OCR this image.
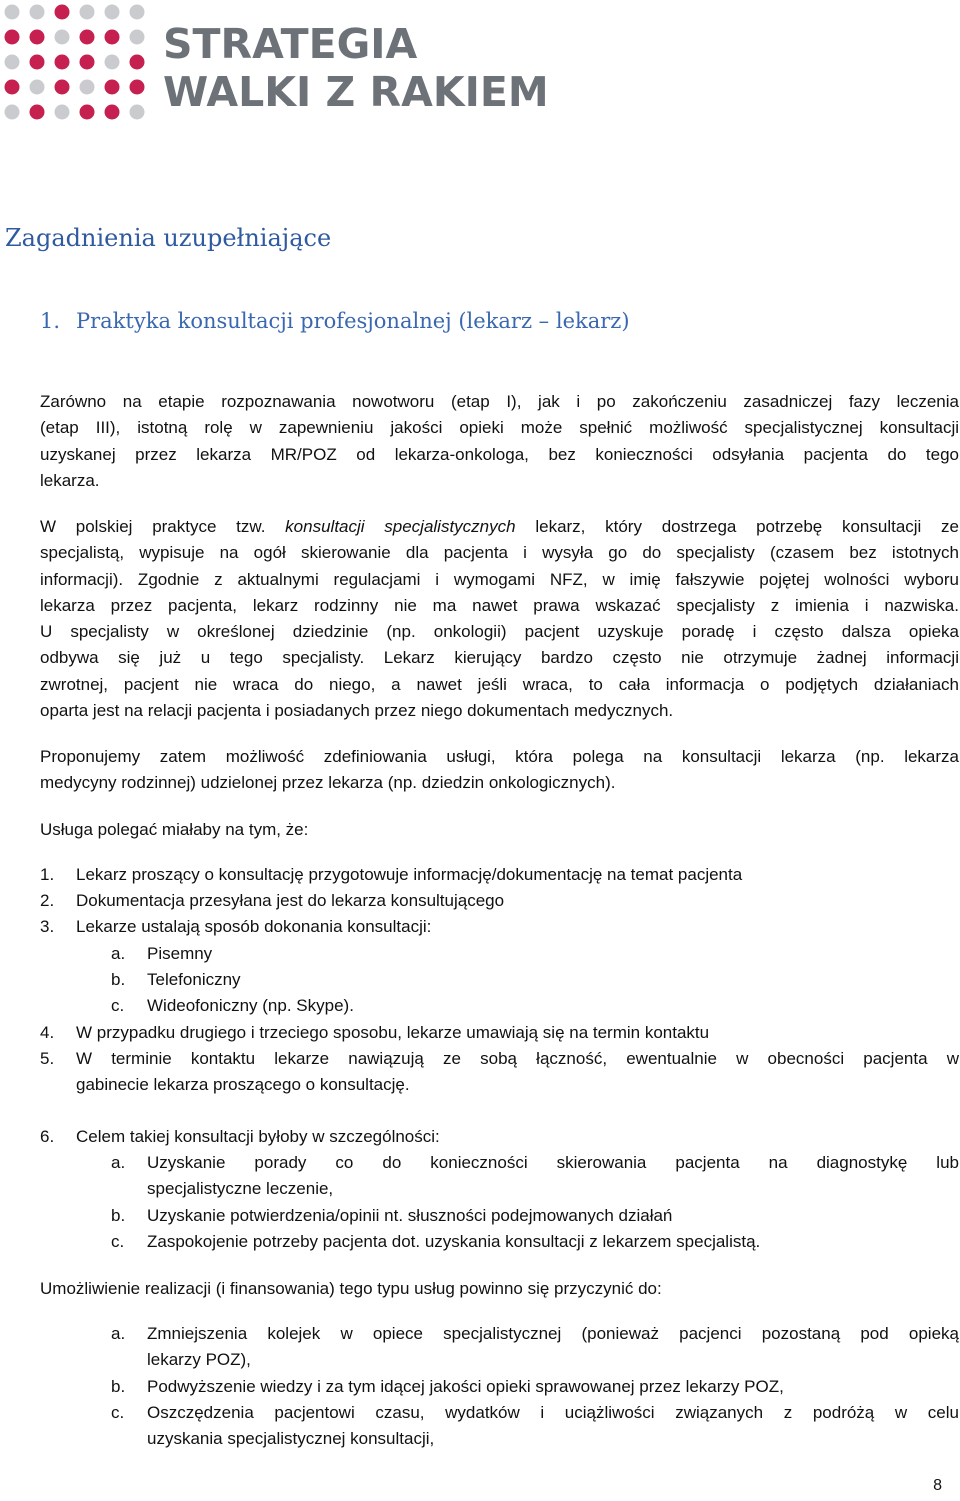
STRATEGIA
WALKI Z RAKIEM
Zagadnienia uzupełniające
1. Praktyka konsultacji profesjonalnej (lekarz – lekarz)
Zarówno na etapie rozpoznawania nowotworu (etap I), jak i po zakończeniu zasadniczej fazy leczenia
(etap III), istotną rolę w zapewnieniu jakości opieki może spełnić możliwość specjalistycznej konsultacji
uzyskanej przez lekarza MR/POZ od lekarza-onkologa, bez konieczności odsyłania pacjenta do tego
lekarza.
W polskiej praktyce tzw. konsultacji specjalistycznych lekarz, który dostrzega potrzebę konsultacji ze
specjalistą, wypisuje na ogół skierowanie dla pacjenta i wysyła go do specjalisty (czasem bez istotnych
informacji). Zgodnie z aktualnymi regulacjami i wymogami NFZ, w imię fałszywie pojętej wolności wyboru
lekarza przez pacjenta, lekarz rodzinny nie ma nawet prawa wskazać specjalisty z imienia i nazwiska.
U specjalisty w określonej dziedzinie (np. onkologii) pacjent uzyskuje poradę i często dalsza opieka
odbywa się już u tego specjalisty. Lekarz kierujący bardzo często nie otrzymuje żadnej informacji
zwrotnej, pacjent nie wraca do niego, a nawet jeśli wraca, to cała informacja o podjętych działaniach
oparta jest na relacji pacjenta i posiadanych przez niego dokumentach medycznych.
Proponujemy zatem możliwość zdefiniowania usługi, która polega na konsultacji lekarza (np. lekarza
medycyny rodzinnej) udzielonej przez lekarza (np. dziedzin onkologicznych).
Usługa polegać miałaby na tym, że:
1. Lekarz proszący o konsultację przygotowuje informację/dokumentację na temat pacjenta
2. Dokumentacja przesyłana jest do lekarza konsultującego
3. Lekarze ustalają sposób dokonania konsultacji:
a. Pisemny
b. Telefoniczny
c. Wideofoniczny (np. Skype).
4. W przypadku drugiego i trzeciego sposobu, lekarze umawiają się na termin kontaktu
5.	W terminie kontaktu lekarze nawiązują ze sobą łączność, ewentualnie w obecności pacjenta w
gabinecie lekarza proszącego o konsultację.
6. Celem takiej konsultacji byłoby w szczególności:
a.	Uzyskanie porady co do konieczności skierowania pacjenta na diagnostykę lub
specjalistyczne leczenie,
b. Uzyskanie potwierdzenia/opinii nt. słuszności podejmowanych działań
c. Zaspokojenie potrzeby pacjenta dot. uzyskania konsultacji z lekarzem specjalistą.
Umożliwienie realizacji (i finansowania) tego typu usług powinno się przyczynić do:
a.	Zmniejszenia kolejek w opiece specjalistycznej (ponieważ pacjenci pozostaną pod opieką
lekarzy POZ),
b. Podwyższenie wiedzy i za tym idącej jakości opieki sprawowanej przez lekarzy POZ,
c.	Oszczędzenia pacjentowi czasu, wydatków i uciążliwości związanych z podróżą w celu
uzyskania specjalistycznej konsultacji,
8
